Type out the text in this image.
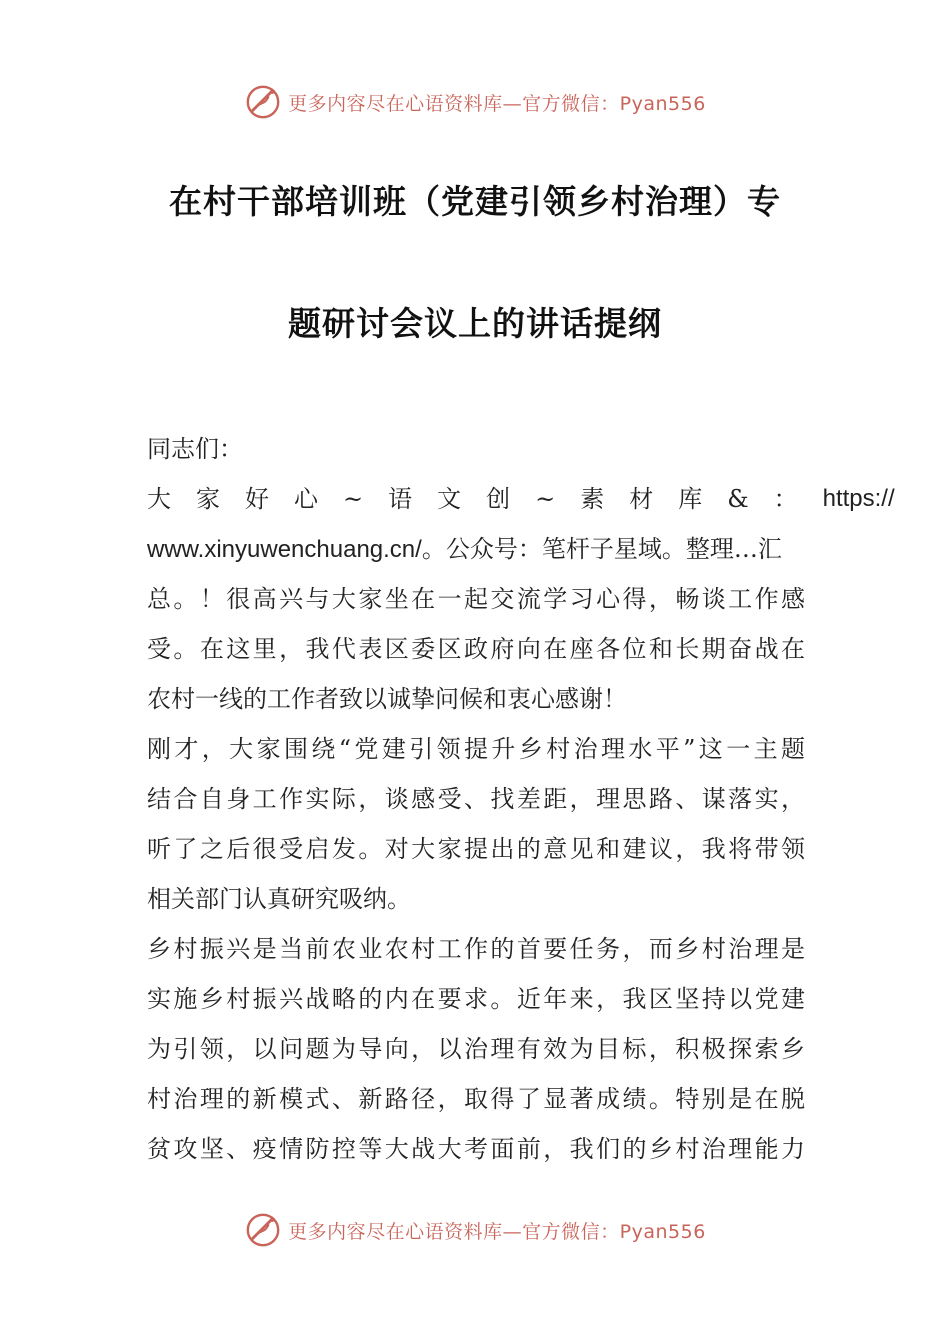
更多内容尽在心语资料库—官方微信：Pyan556
在村干部培训班（党建引领乡村治理）专
题研讨会议上的讲话提纲
同志们：
大家好心~语文创~素材库&： https://
www.xinyuwenchuang.cn/。公众号：笔杆子星域。整理…汇
总。！很高兴与大家坐在一起交流学习心得，畅谈工作感
受。在这里，我代表区委区政府向在座各位和长期奋战在
农村一线的工作者致以诚挚问候和衷心感谢！
刚才，大家围绕“党建引领提升乡村治理水平”这一主题
结合自身工作实际，谈感受、找差距，理思路、谋落实，
听了之后很受启发。对大家提出的意见和建议，我将带领
相关部门认真研究吸纳。
乡村振兴是当前农业农村工作的首要任务，而乡村治理是
实施乡村振兴战略的内在要求。近年来，我区坚持以党建
为引领，以问题为导向，以治理有效为目标，积极探索乡
村治理的新模式、新路径，取得了显著成绩。特别是在脱
贫攻坚、疫情防控等大战大考面前，我们的乡村治理能力
更多内容尽在心语资料库—官方微信：Pyan556
